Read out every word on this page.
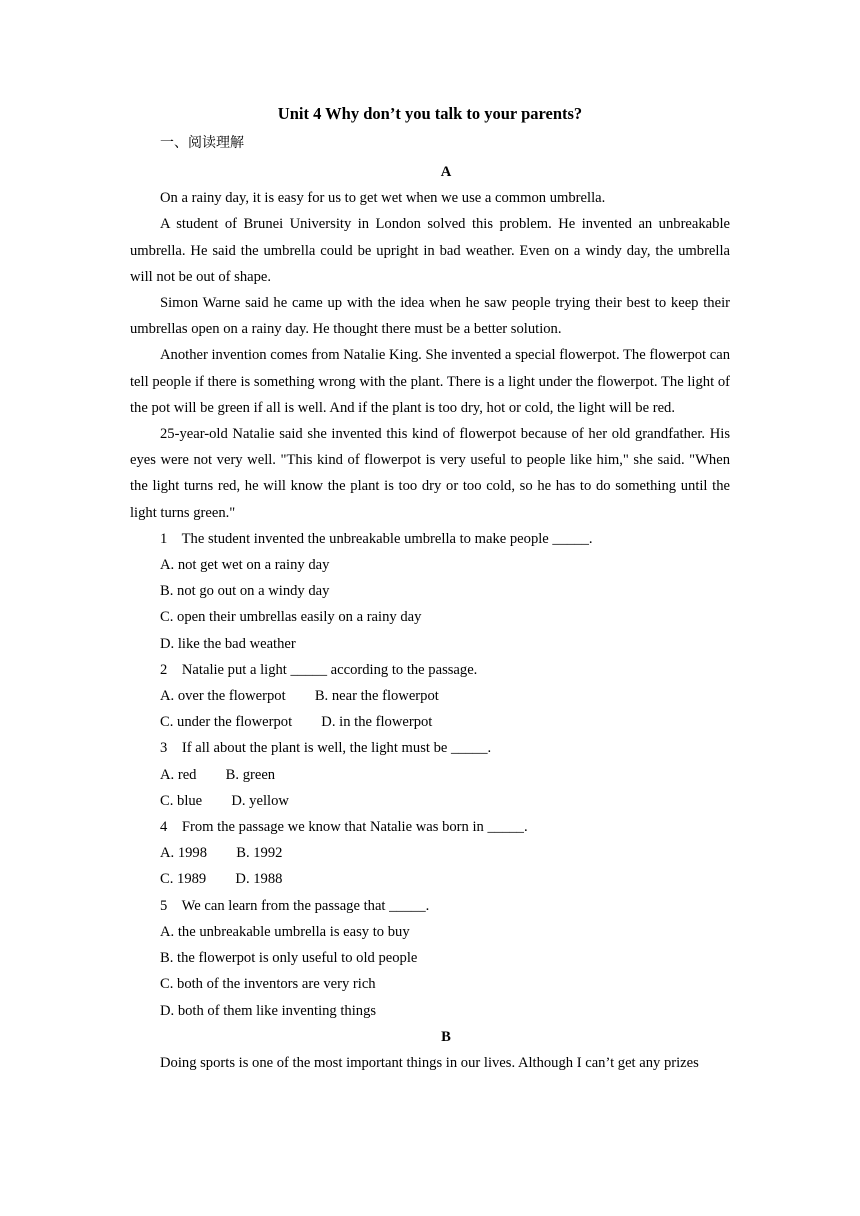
Unit 4 Why don’t you talk to your parents?
一、阅读理解
A

On a rainy day, it is easy for us to get wet when we use a common umbrella.

A student of Brunei University in London solved this problem. He invented an unbreakable umbrella. He said the umbrella could be upright in bad weather. Even on a windy day, the umbrella will not be out of shape.

Simon Warne said he came up with the idea when he saw people trying their best to keep their umbrellas open on a rainy day. He thought there must be a better solution.

Another invention comes from Natalie King. She invented a special flowerpot. The flowerpot can tell people if there is something wrong with the plant. There is a light under the flowerpot. The light of the pot will be green if all is well. And if the plant is too dry, hot or cold, the light will be red.

25-year-old Natalie said she invented this kind of flowerpot because of her old grandfather. His eyes were not very well. "This kind of flowerpot is very useful to people like him," she said. "When the light turns red, he will know the plant is too dry or too cold, so he has to do something until the light turns green."

1    The student invented the unbreakable umbrella to make people _____.

A. not get wet on a rainy day

B. not go out on a windy day

C. open their umbrellas easily on a rainy day

D. like the bad weather

2    Natalie put a light _____ according to the passage.

A. over the flowerpot        B. near the flowerpot

C. under the flowerpot        D. in the flowerpot

3    If all about the plant is well, the light must be _____.

A. red        B. green

C. blue        D. yellow

4    From the passage we know that Natalie was born in _____.

A. 1998        B. 1992

C. 1989        D. 1988

5    We can learn from the passage that _____.

A. the unbreakable umbrella is easy to buy

B. the flowerpot is only useful to old people

C. both of the inventors are very rich

D. both of them like inventing things

B

Doing sports is one of the most important things in our lives. Although I can’t get any prizes
